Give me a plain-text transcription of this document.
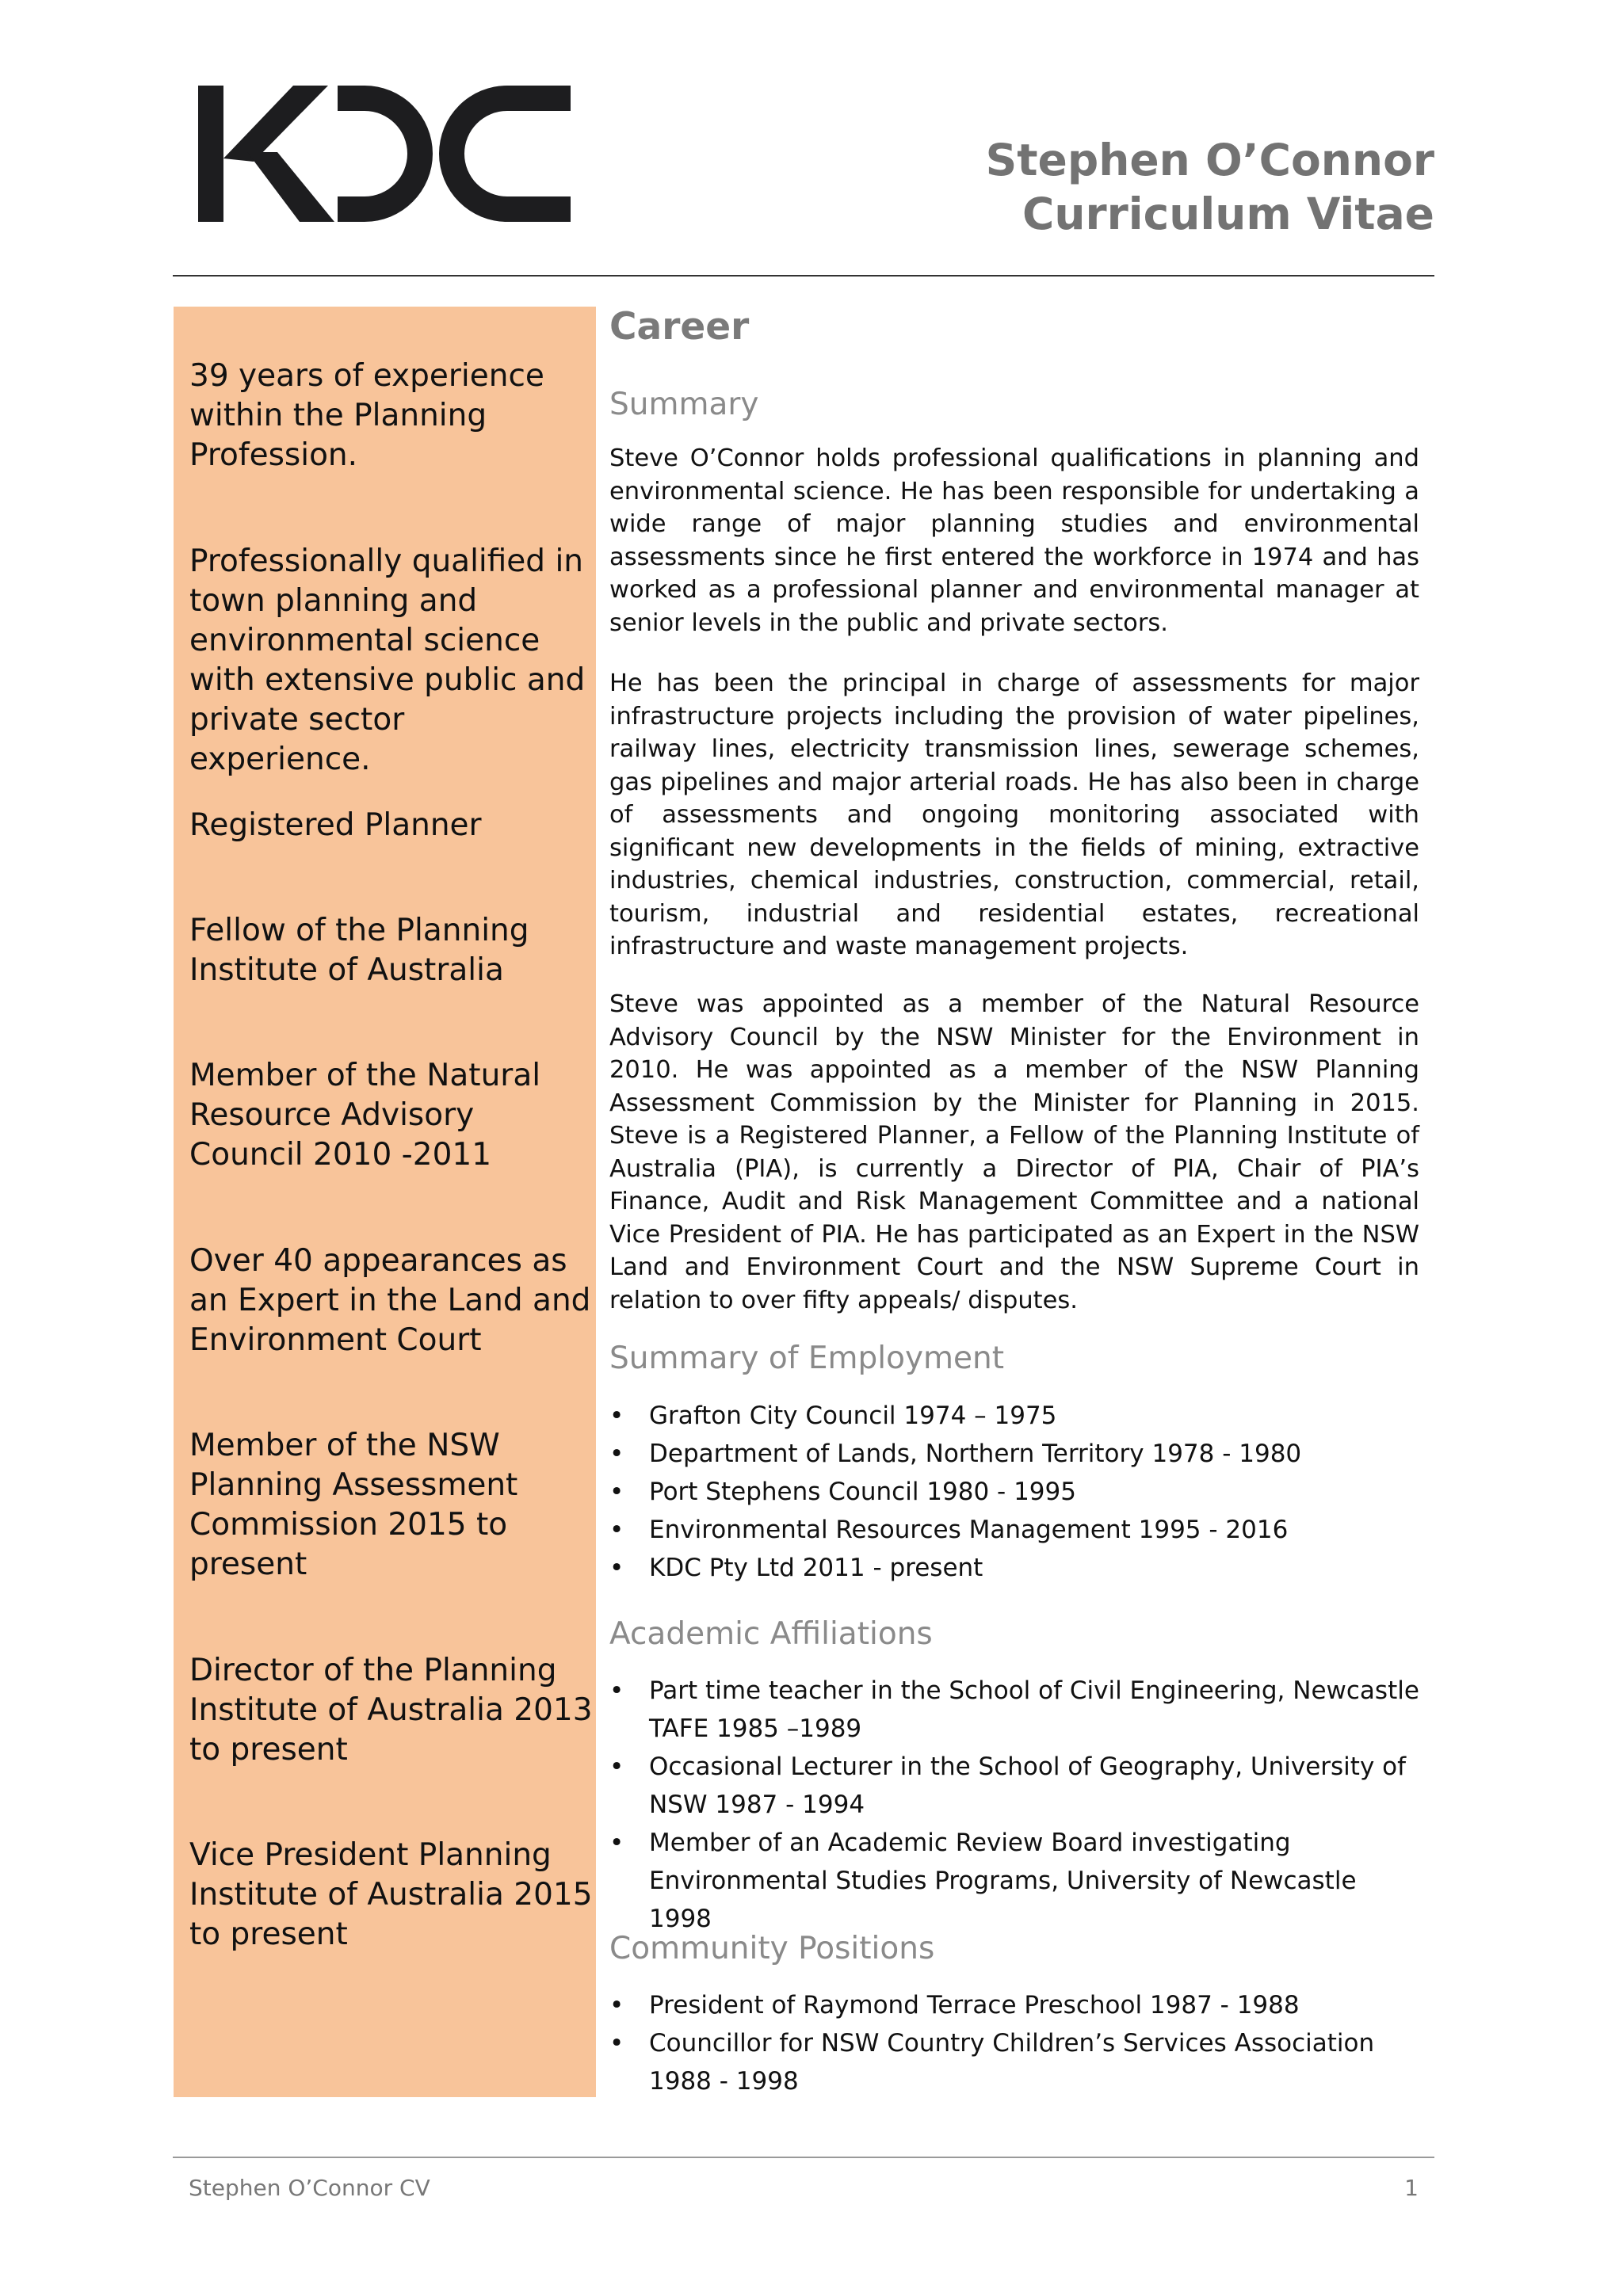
Stephen O’Connor
Curriculum Vitae
39 years of experience within the Planning Profession.
Professionally qualified in town planning and environmental science with extensive public and private sector experience.
Registered Planner
Fellow of the Planning Institute of Australia
Member of the Natural Resource Advisory Council 2010 -2011
Over 40 appearances as an Expert in the Land and Environment Court
Member of the NSW Planning Assessment Commission 2015 to present
Director of the Planning Institute of Australia 2013 to present
Vice President Planning Institute of Australia 2015 to present
Career
Summary

Steve O’Connor holds professional qualifications in planning and environmental science. He has been responsible for undertaking a wide range of major planning studies and environmental assessments since he first entered the workforce in 1974 and has worked as a professional planner and environmental manager at senior levels in the public and private sectors.

He has been the principal in charge of assessments for major infrastructure projects including the provision of water pipelines, railway lines, electricity transmission lines, sewerage schemes, gas pipelines and major arterial roads. He has also been in charge of assessments and ongoing monitoring associated with significant new developments in the fields of mining, extractive industries, chemical industries, construction, commercial, retail, tourism, industrial and residential estates, recreational infrastructure and waste management projects.

Steve was appointed as a member of the Natural Resource Advisory Council by the NSW Minister for the Environment in 2010. He was appointed as a member of the NSW Planning Assessment Commission by the Minister for Planning in 2015. Steve is a Registered Planner, a Fellow of the Planning Institute of Australia (PIA), is currently a Director of PIA, Chair of PIA’s Finance, Audit and Risk Management Committee and a national Vice President of PIA. He has participated as an Expert in the NSW Land and Environment Court and the NSW Supreme Court in relation to over fifty appeals/ disputes.

Summary of Employment
• Grafton City Council 1974 – 1975
• Department of Lands, Northern Territory 1978 - 1980
• Port Stephens Council 1980 - 1995
• Environmental Resources Management 1995 - 2016
• KDC Pty Ltd 2011 - present
Academic Affiliations
• Part time teacher in the School of Civil Engineering, Newcastle TAFE 1985 –1989
• Occasional Lecturer in the School of Geography, University of NSW 1987 - 1994
• Member of an Academic Review Board investigating Environmental Studies Programs, University of Newcastle 1998
Community Positions
• President of Raymond Terrace Preschool 1987 - 1988
• Councillor for NSW Country Children’s Services Association 1988 - 1998
Stephen O’Connor CV	1
